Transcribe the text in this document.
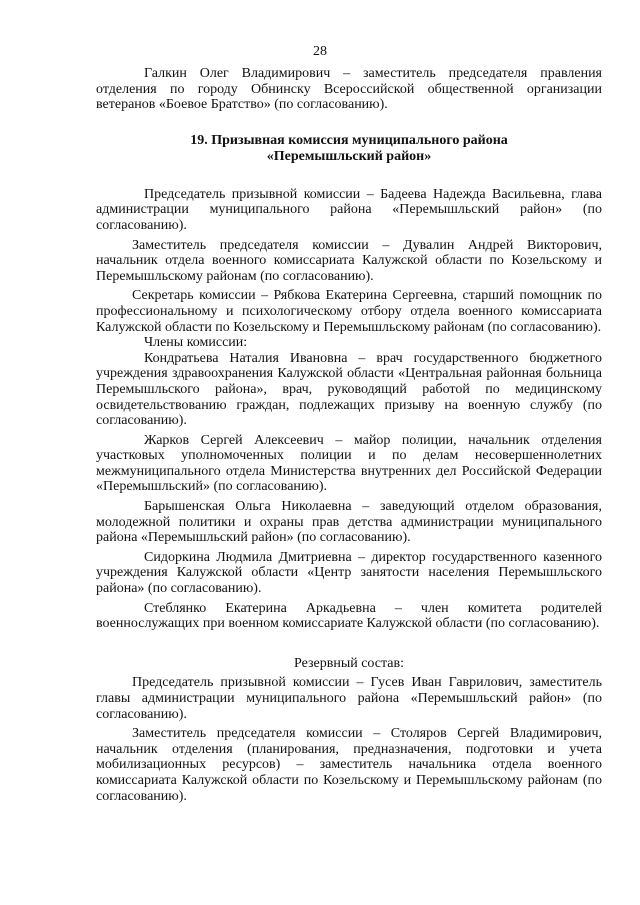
28

Галкин Олег Владимирович – заместитель председателя правления отделения по городу Обнинску Всероссийской общественной организации ветеранов «Боевое Братство» (по согласованию).

19. Призывная комиссия муниципального района
«Перемышльский район»

Председатель призывной комиссии – Бадеева Надежда Васильевна, глава администрации муниципального района «Перемышльский район» (по согласованию).

Заместитель председателя комиссии – Дувалин Андрей Викторович, начальник отдела военного комиссариата Калужской области по Козельскому и Перемышльскому районам (по согласованию).

Секретарь комиссии – Рябкова Екатерина Сергеевна, старший помощник по профессиональному и психологическому отбору отдела военного комиссариата Калужской области по Козельскому и Перемышльскому районам (по согласованию).

Члены комиссии:

Кондратьева Наталия Ивановна – врач государственного бюджетного учреждения здравоохранения Калужской области «Центральная районная больница Перемышльского района», врач, руководящий работой по медицинскому освидетельствованию граждан, подлежащих призыву на военную службу (по согласованию).

Жарков Сергей Алексеевич – майор полиции, начальник отделения участковых уполномоченных полиции и по делам несовершеннолетних межмуниципального отдела Министерства внутренних дел Российской Федерации «Перемышльский» (по согласованию).

Барышенская Ольга Николаевна – заведующий отделом образования, молодежной политики и охраны прав детства администрации муниципального района «Перемышльский район» (по согласованию).

Сидоркина Людмила Дмитриевна – директор государственного казенного учреждения Калужской области «Центр занятости населения Перемышльского района» (по согласованию).

Стеблянко Екатерина Аркадьевна – член комитета родителей военнослужащих при военном комиссариате Калужской области (по согласованию).

Резервный состав:

Председатель призывной комиссии – Гусев Иван Гаврилович, заместитель главы администрации муниципального района «Перемышльский район» (по согласованию).

Заместитель председателя комиссии – Столяров Сергей Владимирович, начальник отделения (планирования, предназначения, подготовки и учета мобилизационных ресурсов) – заместитель начальника отдела военного комиссариата Калужской области по Козельскому и Перемышльскому районам (по согласованию).
